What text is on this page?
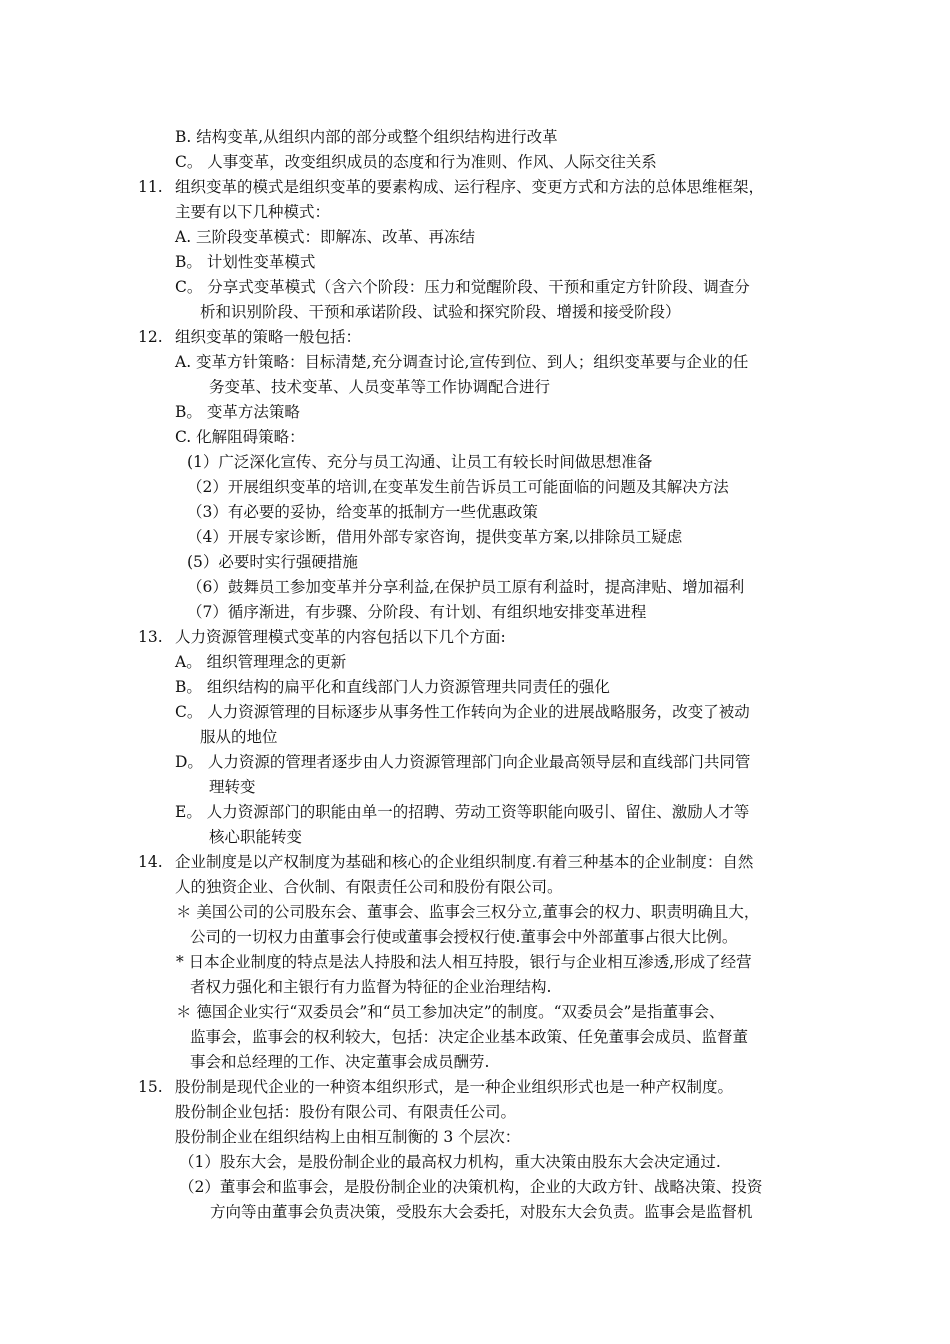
B. 结构变革,从组织内部的部分或整个组织结构进行改革
C。 人事变革，改变组织成员的态度和行为准则、作风、人际交往关系
11. 组织变革的模式是组织变革的要素构成、运行程序、变更方式和方法的总体思维框架，
主要有以下几种模式：
A. 三阶段变革模式：即解冻、改革、再冻结
B。 计划性变革模式
C。 分享式变革模式（含六个阶段：压力和觉醒阶段、干预和重定方针阶段、调查分
析和识别阶段、干预和承诺阶段、试验和探究阶段、增援和接受阶段）
12. 组织变革的策略一般包括：
A. 变革方针策略：目标清楚,充分调查讨论,宣传到位、到人；组织变革要与企业的任
务变革、技术变革、人员变革等工作协调配合进行
B。 变革方法策略
C. 化解阻碍策略：
(1）广泛深化宣传、充分与员工沟通、让员工有较长时间做思想准备
（2）开展组织变革的培训,在变革发生前告诉员工可能面临的问题及其解决方法
（3）有必要的妥协，给变革的抵制方一些优惠政策
（4）开展专家诊断，借用外部专家咨询，提供变革方案,以排除员工疑虑
(5）必要时实行强硬措施
（6）鼓舞员工参加变革并分享利益,在保护员工原有利益时，提高津贴、增加福利
（7）循序渐进，有步骤、分阶段、有计划、有组织地安排变革进程
13. 人力资源管理模式变革的内容包括以下几个方面:
A。 组织管理理念的更新
B。 组织结构的扁平化和直线部门人力资源管理共同责任的强化
C。 人力资源管理的目标逐步从事务性工作转向为企业的进展战略服务，改变了被动
服从的地位
D。 人力资源的管理者逐步由人力资源管理部门向企业最高领导层和直线部门共同管
理转变
E。 人力资源部门的职能由单一的招聘、劳动工资等职能向吸引、留住、激励人才等
核心职能转变
14. 企业制度是以产权制度为基础和核心的企业组织制度.有着三种基本的企业制度：自然
人的独资企业、合伙制、有限责任公司和股份有限公司。
＊ 美国公司的公司股东会、董事会、监事会三权分立,董事会的权力、职责明确且大，
公司的一切权力由董事会行使或董事会授权行使.董事会中外部董事占很大比例。
* 日本企业制度的特点是法人持股和法人相互持股，银行与企业相互渗透,形成了经营
者权力强化和主银行有力监督为特征的企业治理结构.
＊ 德国企业实行“双委员会”和“员工参加决定”的制度。“双委员会”是指董事会、
监事会，监事会的权利较大，包括：决定企业基本政策、任免董事会成员、监督董
事会和总经理的工作、决定董事会成员酬劳.
15. 股份制是现代企业的一种资本组织形式，是一种企业组织形式也是一种产权制度。
股份制企业包括：股份有限公司、有限责任公司。
股份制企业在组织结构上由相互制衡的 3 个层次：
（1）股东大会，是股份制企业的最高权力机构，重大决策由股东大会决定通过.
（2）董事会和监事会，是股份制企业的决策机构，企业的大政方针、战略决策、投资
方向等由董事会负责决策，受股东大会委托，对股东大会负责。监事会是监督机
